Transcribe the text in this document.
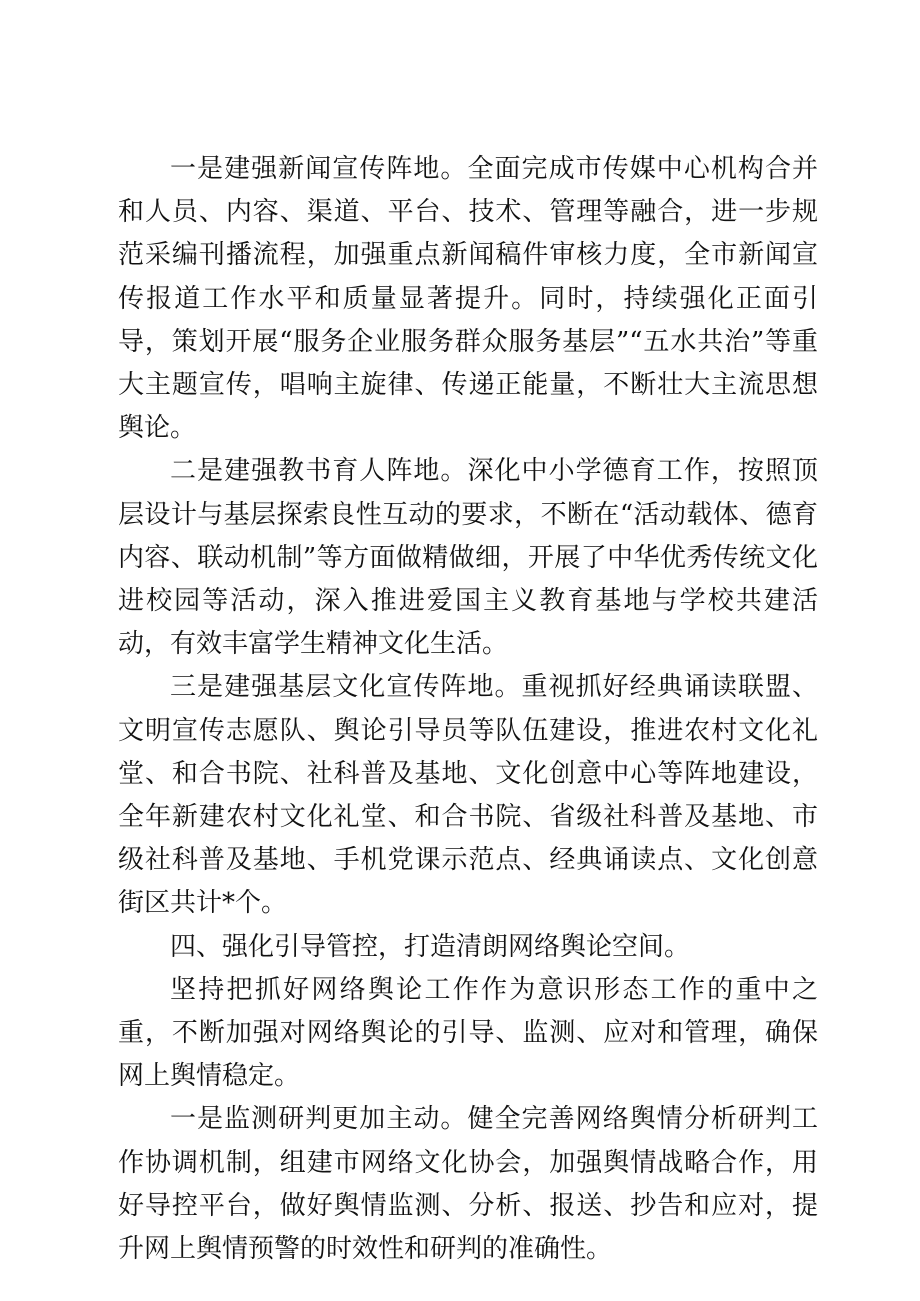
一是建强新闻宣传阵地。全面完成市传媒中心机构合并和人员、内容、渠道、平台、技术、管理等融合，进一步规范采编刊播流程，加强重点新闻稿件审核力度，全市新闻宣传报道工作水平和质量显著提升。同时，持续强化正面引导，策划开展“服务企业服务群众服务基层”“五水共治”等重大主题宣传，唱响主旋律、传递正能量，不断壮大主流思想舆论。

二是建强教书育人阵地。深化中小学德育工作，按照顶层设计与基层探索良性互动的要求，不断在“活动载体、德育内容、联动机制”等方面做精做细，开展了中华优秀传统文化进校园等活动，深入推进爱国主义教育基地与学校共建活动，有效丰富学生精神文化生活。

三是建强基层文化宣传阵地。重视抓好经典诵读联盟、文明宣传志愿队、舆论引导员等队伍建设，推进农村文化礼堂、和合书院、社科普及基地、文化创意中心等阵地建设，全年新建农村文化礼堂、和合书院、省级社科普及基地、市级社科普及基地、手机党课示范点、经典诵读点、文化创意街区共计*个。

四、强化引导管控，打造清朗网络舆论空间。

坚持把抓好网络舆论工作作为意识形态工作的重中之重，不断加强对网络舆论的引导、监测、应对和管理，确保网上舆情稳定。

一是监测研判更加主动。健全完善网络舆情分析研判工作协调机制，组建市网络文化协会，加强舆情战略合作，用好导控平台，做好舆情监测、分析、报送、抄告和应对，提升网上舆情预警的时效性和研判的准确性。
